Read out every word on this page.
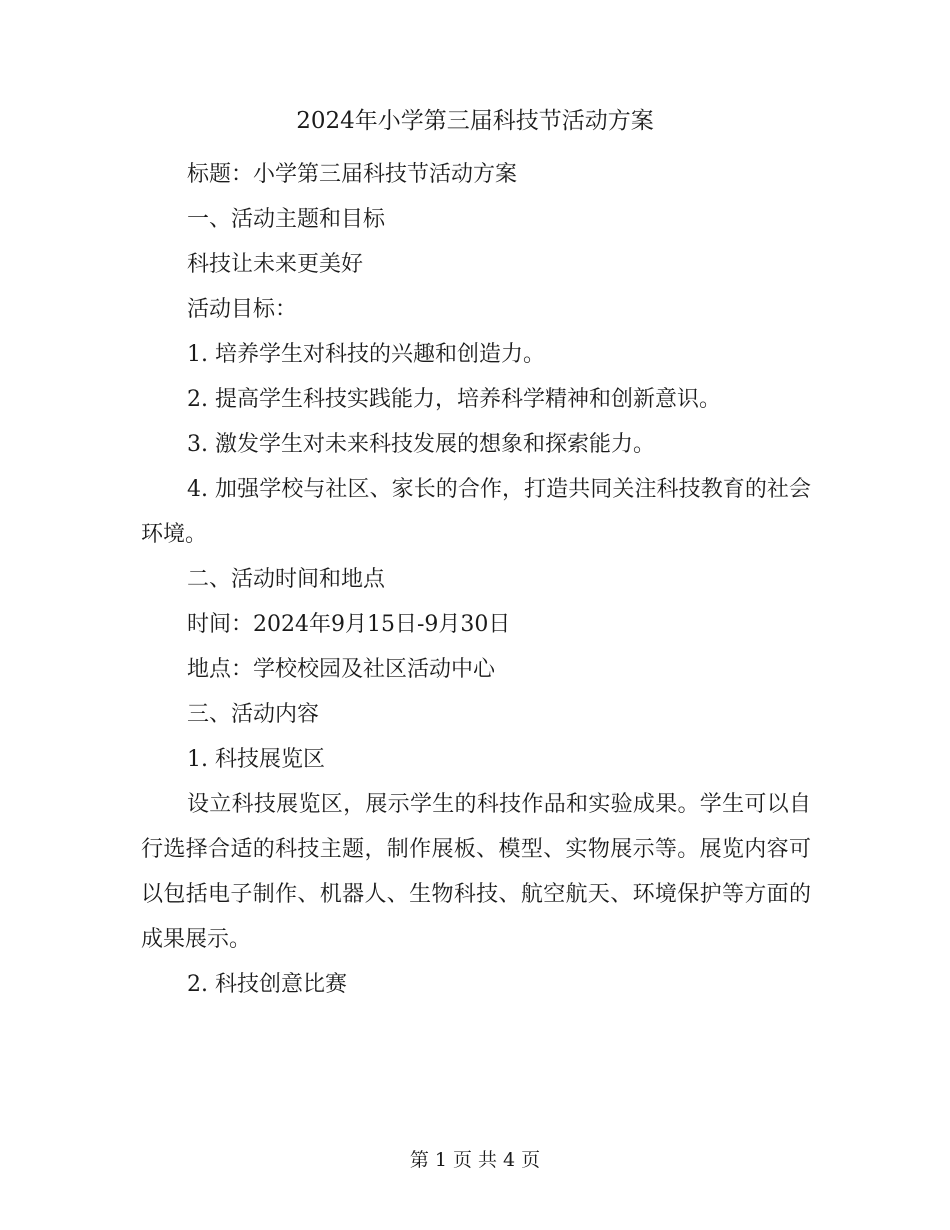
2024年小学第三届科技节活动方案

标题：小学第三届科技节活动方案

一、活动主题和目标

科技让未来更美好

活动目标：

1. 培养学生对科技的兴趣和创造力。

2. 提高学生科技实践能力，培养科学精神和创新意识。

3. 激发学生对未来科技发展的想象和探索能力。

4. 加强学校与社区、家长的合作，打造共同关注科技教育的社会环境。

二、活动时间和地点

时间：2024年9月15日-9月30日

地点：学校校园及社区活动中心

三、活动内容

1. 科技展览区

设立科技展览区，展示学生的科技作品和实验成果。学生可以自行选择合适的科技主题，制作展板、模型、实物展示等。展览内容可以包括电子制作、机器人、生物科技、航空航天、环境保护等方面的成果展示。

2. 科技创意比赛

第 1 页 共 4 页
